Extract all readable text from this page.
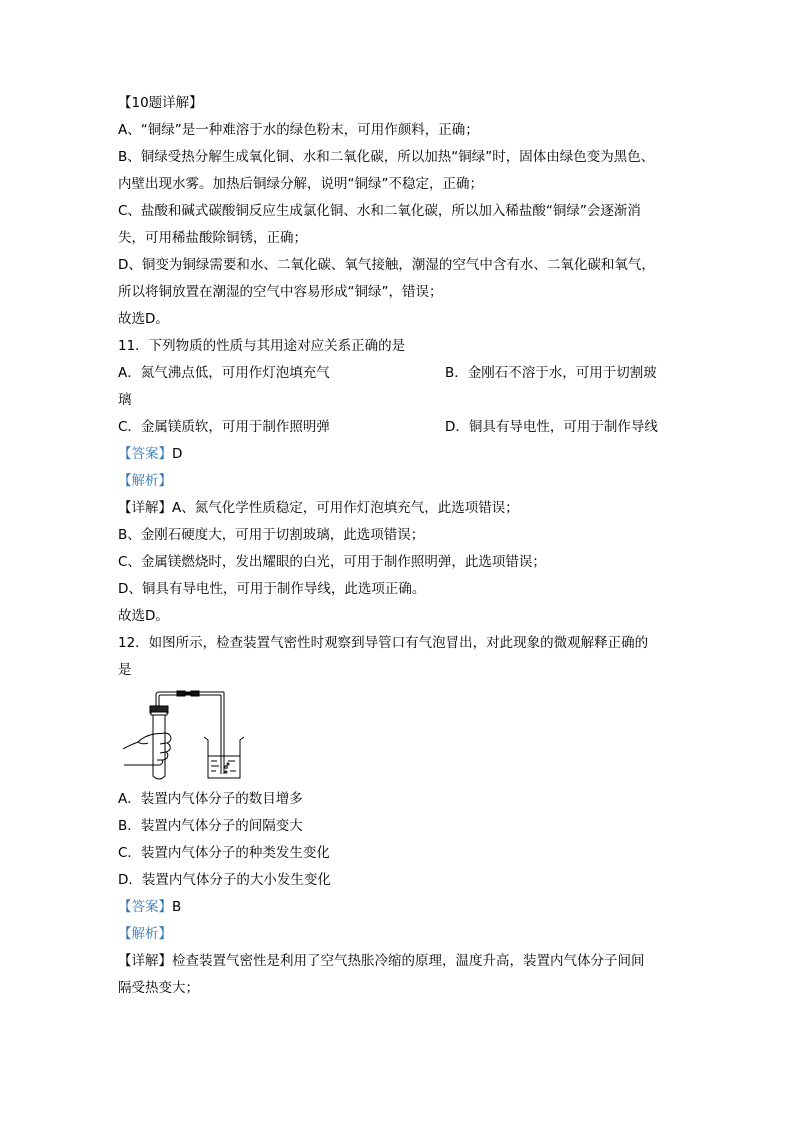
【10题详解】
A、“铜绿”是一种难溶于水的绿色粉末，可用作颜料，正确；
B、铜绿受热分解生成氧化铜、水和二氧化碳，所以加热“铜绿”时，固体由绿色变为黑色、
内壁出现水雾。加热后铜绿分解，说明“铜绿”不稳定，正确；
C、盐酸和碱式碳酸铜反应生成氯化铜、水和二氧化碳，所以加入稀盐酸“铜绿”会逐渐消
失，可用稀盐酸除铜锈，正确；
D、铜变为铜绿需要和水、二氧化碳、氧气接触，潮湿的空气中含有水、二氧化碳和氧气，
所以将铜放置在潮湿的空气中容易形成“铜绿”，错误；
故选D。
11．下列物质的性质与其用途对应关系正确的是
A．氮气沸点低，可用作灯泡填充气	B．金刚石不溶于水，可用于切割玻
璃
C．金属镁质软，可用于制作照明弹	D．铜具有导电性，可用于制作导线
【答案】D
【解析】
【详解】A、氮气化学性质稳定，可用作灯泡填充气，此选项错误；
B、金刚石硬度大，可用于切割玻璃，此选项错误；
C、金属镁燃烧时，发出耀眼的白光，可用于制作照明弹，此选项错误；
D、铜具有导电性，可用于制作导线，此选项正确。
故选D。
12．如图所示，检查装置气密性时观察到导管口有气泡冒出，对此现象的微观解释正确的
是
A．装置内气体分子的数目增多
B．装置内气体分子的间隔变大
C．装置内气体分子的种类发生变化
D．装置内气体分子的大小发生变化
【答案】B
【解析】
【详解】检查装置气密性是利用了空气热胀冷缩的原理，温度升高，装置内气体分子间间
隔受热变大；
